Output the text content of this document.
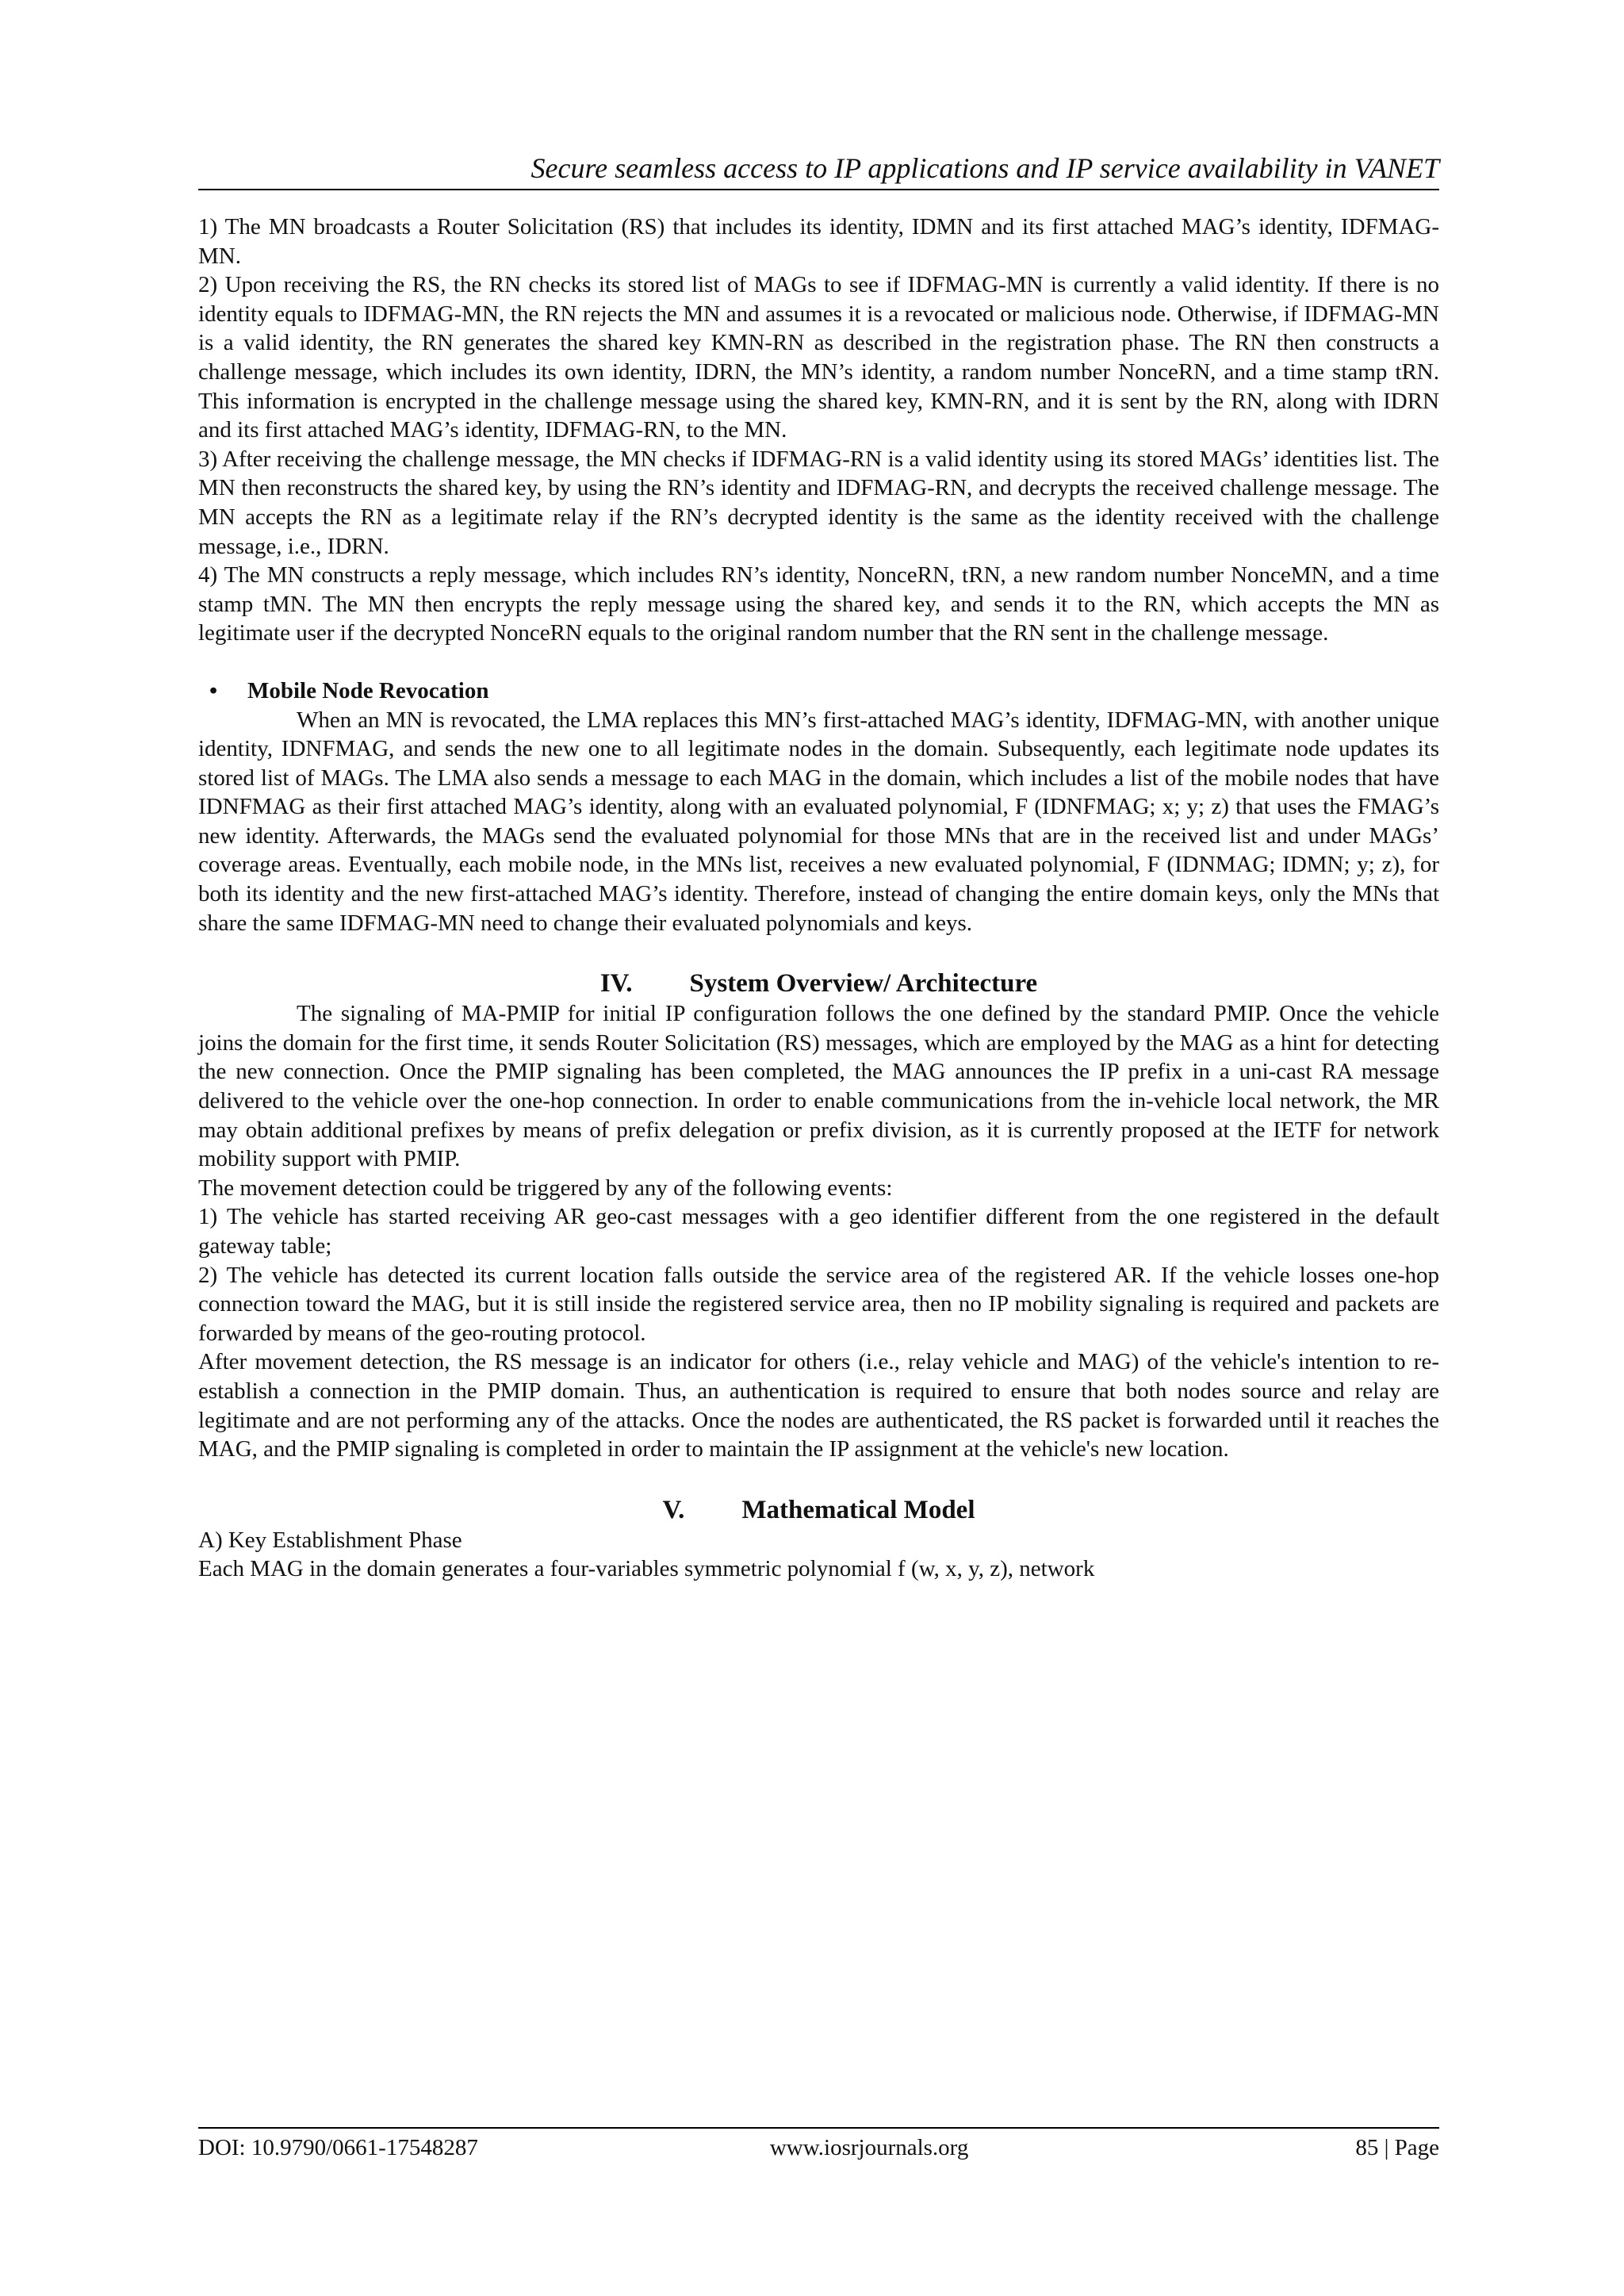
Secure seamless access to IP applications and IP service availability in VANET

1) The MN broadcasts a Router Solicitation (RS) that includes its identity, IDMN and its first attached MAG’s identity, IDFMAG-MN.

2) Upon receiving the RS, the RN checks its stored list of MAGs to see if IDFMAG-MN is currently a valid identity. If there is no identity equals to IDFMAG-MN, the RN rejects the MN and assumes it is a revocated or malicious node. Otherwise, if IDFMAG-MN is a valid identity, the RN generates the shared key KMN-RN as described in the registration phase. The RN then constructs a challenge message, which includes its own identity, IDRN, the MN’s identity, a random number NonceRN, and a time stamp tRN. This information is encrypted in the challenge message using the shared key, KMN-RN, and it is sent by the RN, along with IDRN and its first attached MAG’s identity, IDFMAG-RN, to the MN.

3) After receiving the challenge message, the MN checks if IDFMAG-RN is a valid identity using its stored MAGs’ identities list. The MN then reconstructs the shared key, by using the RN’s identity and IDFMAG-RN, and decrypts the received challenge message. The MN accepts the RN as a legitimate relay if the RN’s decrypted identity is the same as the identity received with the challenge message, i.e., IDRN.

4) The MN constructs a reply message, which includes RN’s identity, NonceRN, tRN, a new random number NonceMN, and a time stamp tMN. The MN then encrypts the reply message using the shared key, and sends it to the RN, which accepts the MN as legitimate user if the decrypted NonceRN equals to the original random number that the RN sent in the challenge message.

•	Mobile Node Revocation

When an MN is revocated, the LMA replaces this MN’s first-attached MAG’s identity, IDFMAG-MN, with another unique identity, IDNFMAG, and sends the new one to all legitimate nodes in the domain. Subsequently, each legitimate node updates its stored list of MAGs. The LMA also sends a message to each MAG in the domain, which includes a list of the mobile nodes that have IDNFMAG as their first attached MAG’s identity, along with an evaluated polynomial, F (IDNFMAG; x; y; z) that uses the FMAG’s new identity. Afterwards, the MAGs send the evaluated polynomial for those MNs that are in the received list and under MAGs’ coverage areas. Eventually, each mobile node, in the MNs list, receives a new evaluated polynomial, F (IDNMAG; IDMN; y; z), for both its identity and the new first-attached MAG’s identity. Therefore, instead of changing the entire domain keys, only the MNs that share the same IDFMAG-MN need to change their evaluated polynomials and keys.

IV. System Overview/ Architecture

The signaling of MA-PMIP for initial IP configuration follows the one defined by the standard PMIP. Once the vehicle joins the domain for the first time, it sends Router Solicitation (RS) messages, which are employed by the MAG as a hint for detecting the new connection. Once the PMIP signaling has been completed, the MAG announces the IP prefix in a uni-cast RA message delivered to the vehicle over the one-hop connection. In order to enable communications from the in-vehicle local network, the MR may obtain additional prefixes by means of prefix delegation or prefix division, as it is currently proposed at the IETF for network mobility support with PMIP.

The movement detection could be triggered by any of the following events:

1) The vehicle has started receiving AR geo-cast messages with a geo identifier different from the one registered in the default gateway table;

2) The vehicle has detected its current location falls outside the service area of the registered AR. If the vehicle losses one-hop connection toward the MAG, but it is still inside the registered service area, then no IP mobility signaling is required and packets are forwarded by means of the geo-routing protocol.

After movement detection, the RS message is an indicator for others (i.e., relay vehicle and MAG) of the vehicle's intention to re-establish a connection in the PMIP domain. Thus, an authentication is required to ensure that both nodes source and relay are legitimate and are not performing any of the attacks. Once the nodes are authenticated, the RS packet is forwarded until it reaches the MAG, and the PMIP signaling is completed in order to maintain the IP assignment at the vehicle's new location.

V. Mathematical Model

A) Key Establishment Phase

Each MAG in the domain generates a four-variables symmetric polynomial f (w, x, y, z), network

DOI: 10.9790/0661-17548287	www.iosrjournals.org	85 | Page
